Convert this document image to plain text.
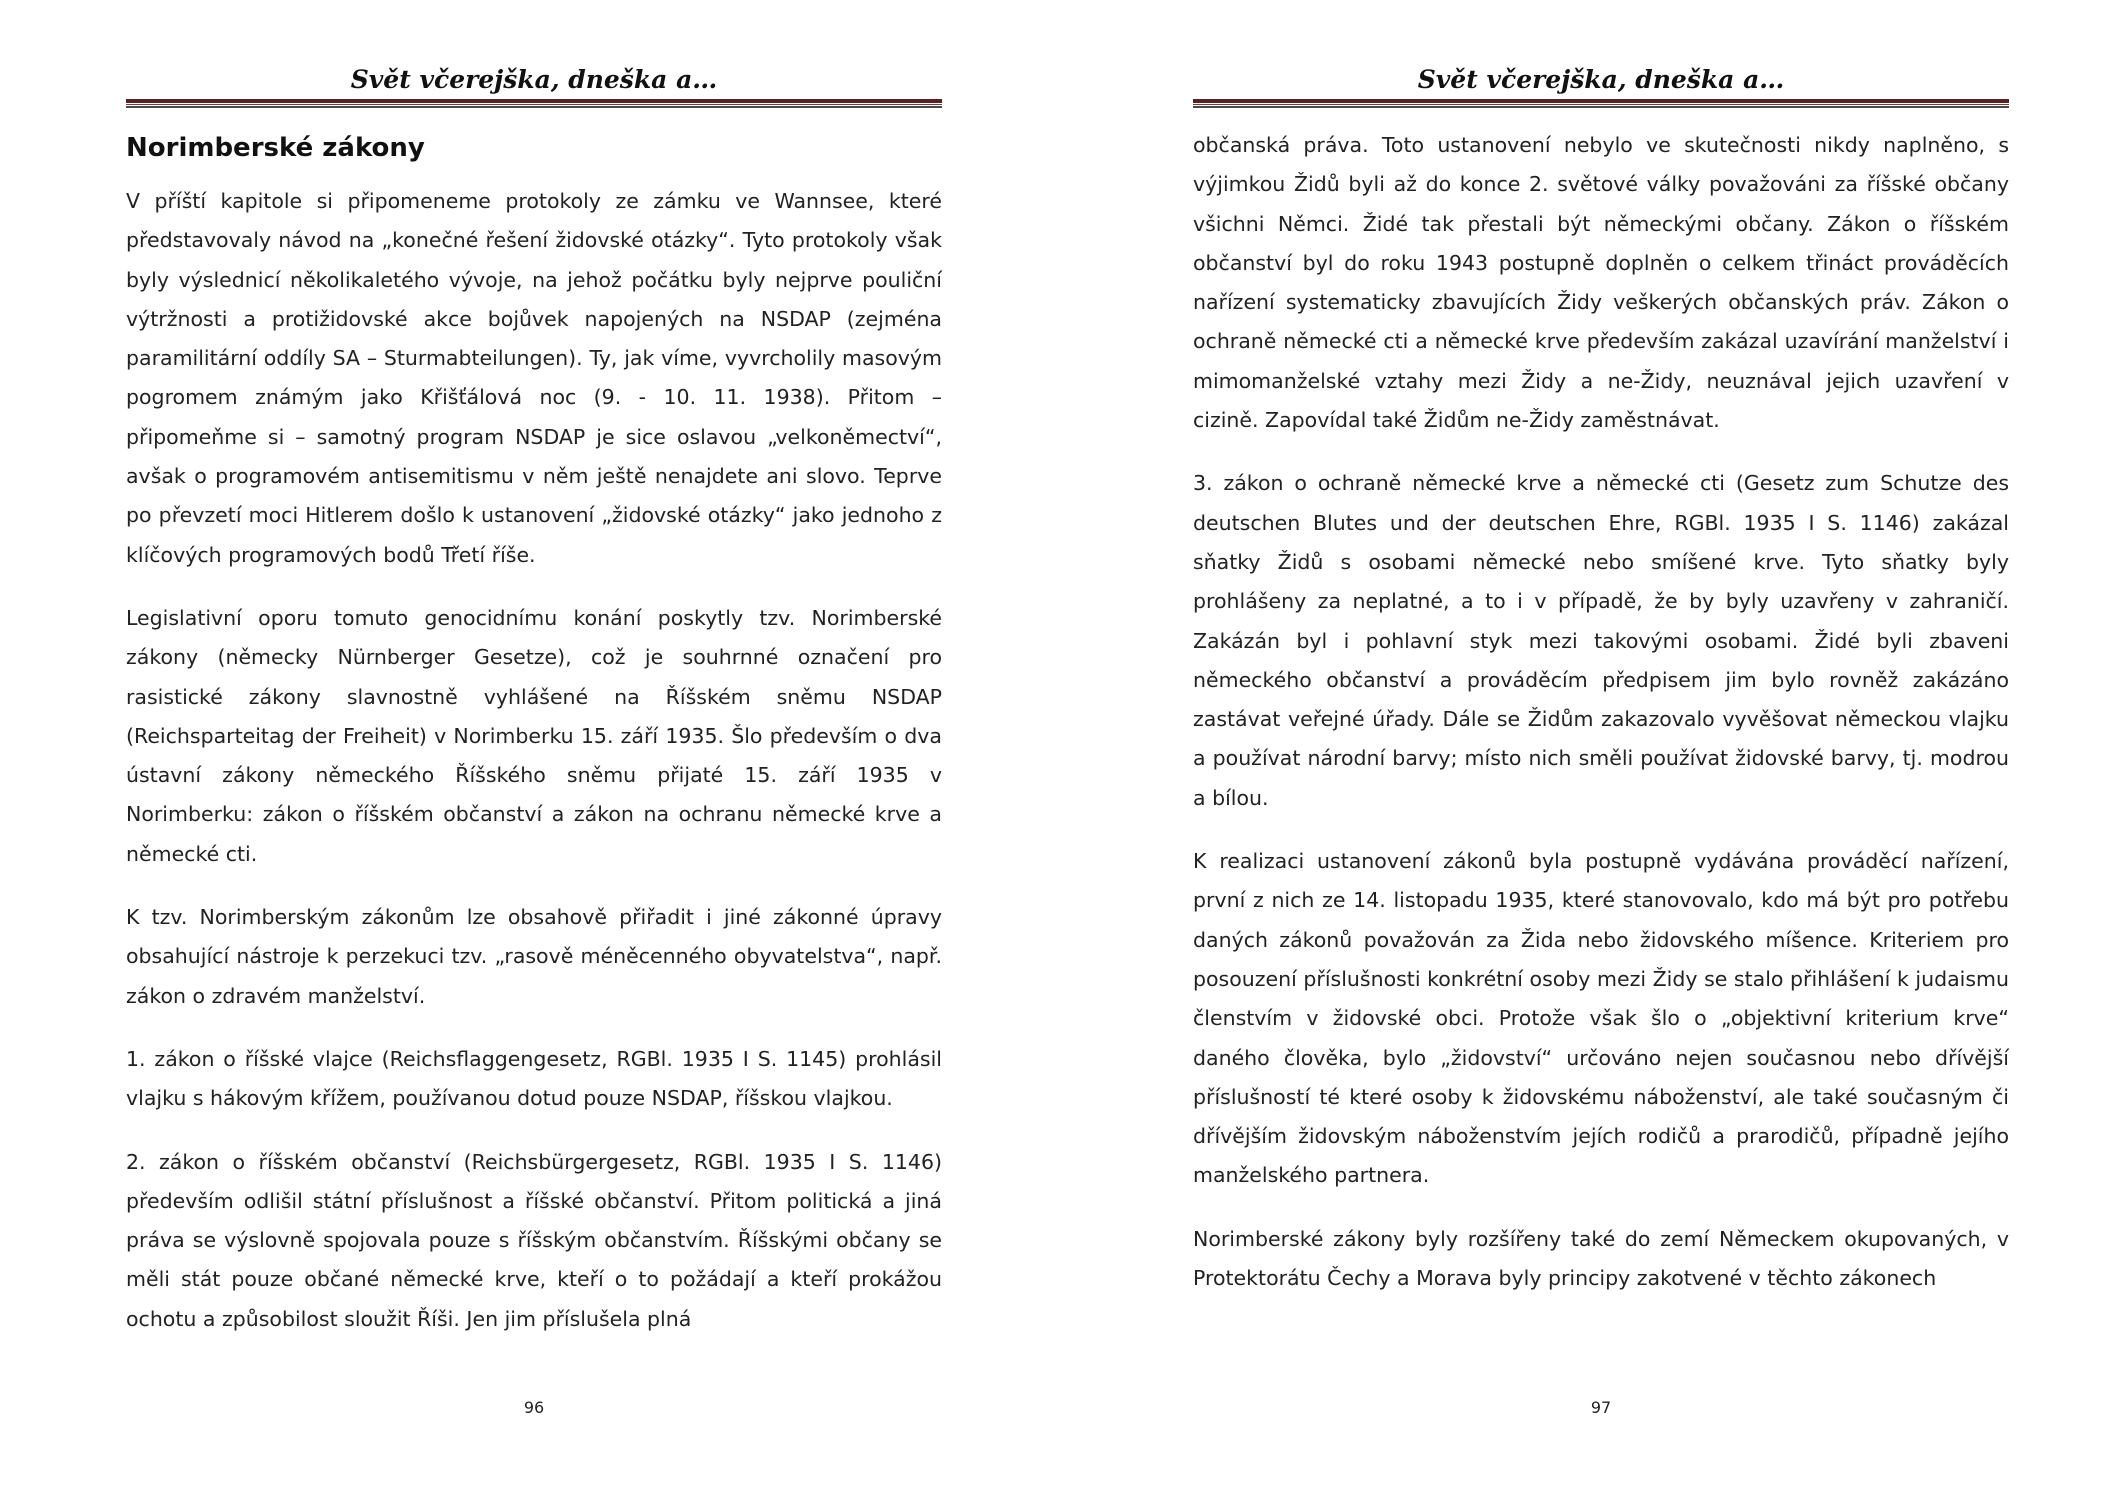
Svět včerejška, dneška a…
Norimberské zákony

V příští kapitole si připomeneme protokoly ze zámku ve Wannsee, které představovaly návod na „konečné řešení židovské otázky“. Tyto protokoly však byly výslednicí několikaletého vývoje, na jehož počátku byly nejprve pouliční výtržnosti a protižidovské akce bojůvek napojených na NSDAP (zejména paramilitární oddíly SA – Sturmabteilungen). Ty, jak víme, vyvrcholily masovým pogromem známým jako Křišťálová noc (9. - 10. 11. 1938). Přitom – připomeňme si – samotný program NSDAP je sice oslavou „velkoněmectví“, avšak o programovém antisemitismu v něm ještě nenajdete ani slovo. Teprve po převzetí moci Hitlerem došlo k ustanovení „židovské otázky“ jako jednoho z klíčových programových bodů Třetí říše.

Legislativní oporu tomuto genocidnímu konání poskytly tzv. Norimberské zákony (německy Nürnberger Gesetze), což je souhrnné označení pro rasistické zákony slavnostně vyhlášené na Říšském sněmu NSDAP (Reichsparteitag der Freiheit) v Norimberku 15. září 1935. Šlo především o dva ústavní zákony německého Říšského sněmu přijaté 15. září 1935 v Norimberku: zákon o říšském občanství a zákon na ochranu německé krve a německé cti.

K tzv. Norimberským zákonům lze obsahově přiřadit i jiné zákonné úpravy obsahující nástroje k perzekuci tzv. „rasově méněcenného obyvatelstva“, např. zákon o zdravém manželství.

1. zákon o říšské vlajce (Reichsflaggengesetz, RGBl. 1935 I S. 1145) prohlásil vlajku s hákovým křížem, používanou dotud pouze NSDAP, říšskou vlajkou.

2. zákon o říšském občanství (Reichsbürgergesetz, RGBl. 1935 I S. 1146) především odlišil státní příslušnost a říšské občanství. Přitom politická a jiná práva se výslovně spojovala pouze s říšským občanstvím. Říšskými občany se měli stát pouze občané německé krve, kteří o to požádají a kteří prokážou ochotu a způsobilost sloužit Říši. Jen jim příslušela plná

96
Svět včerejška, dneška a…

občanská práva. Toto ustanovení nebylo ve skutečnosti nikdy naplněno, s výjimkou Židů byli až do konce 2. světové války považováni za říšské občany všichni Němci. Židé tak přestali být německými občany. Zákon o říšském občanství byl do roku 1943 postupně doplněn o celkem třináct prováděcích nařízení systematicky zbavujících Židy veškerých občanských práv. Zákon o ochraně německé cti a německé krve především zakázal uzavírání manželství i mimomanželské vztahy mezi Židy a ne-Židy, neuznával jejich uzavření v cizině. Zapovídal také Židům ne-Židy zaměstnávat.

3. zákon o ochraně německé krve a německé cti (Gesetz zum Schutze des deutschen Blutes und der deutschen Ehre, RGBl. 1935 I S. 1146) zakázal sňatky Židů s osobami německé nebo smíšené krve. Tyto sňatky byly prohlášeny za neplatné, a to i v případě, že by byly uzavřeny v zahraničí. Zakázán byl i pohlavní styk mezi takovými osobami. Židé byli zbaveni německého občanství a prováděcím předpisem jim bylo rovněž zakázáno zastávat veřejné úřady. Dále se Židům zakazovalo vyvěšovat německou vlajku a používat národní barvy; místo nich směli používat židovské barvy, tj. modrou a bílou.

K realizaci ustanovení zákonů byla postupně vydávána prováděcí nařízení, první z nich ze 14. listopadu 1935, které stanovovalo, kdo má být pro potřebu daných zákonů považován za Žida nebo židovského míšence. Kriteriem pro posouzení příslušnosti konkrétní osoby mezi Židy se stalo přihlášení k judaismu členstvím v židovské obci. Protože však šlo o „objektivní kriterium krve“ daného člověka, bylo „židovství“ určováno nejen současnou nebo dřívější příslušností té které osoby k židovskému náboženství, ale také současným či dřívějším židovským náboženstvím jejích rodičů a prarodičů, případně jejího manželského partnera.

Norimberské zákony byly rozšířeny také do zemí Německem okupovaných, v Protektorátu Čechy a Morava byly principy zakotvené v těchto zákonech

97
